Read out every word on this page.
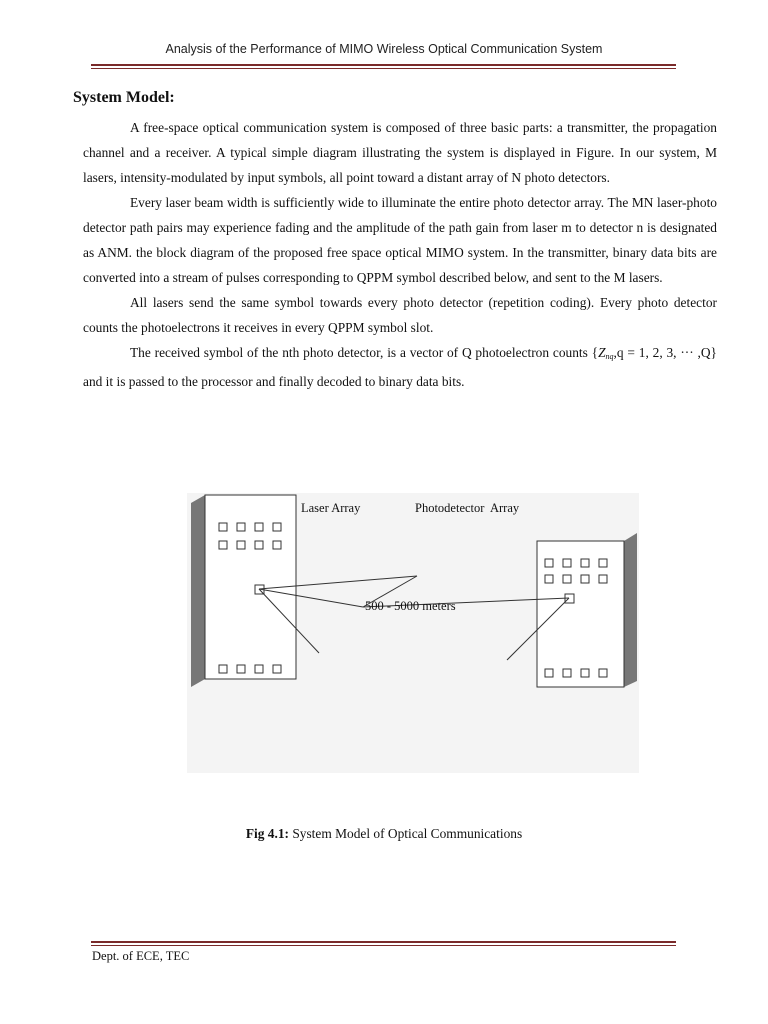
Analysis of the Performance of MIMO Wireless Optical Communication System
System Model:

A free-space optical communication system is composed of three basic parts: a transmitter, the propagation channel and a receiver. A typical simple diagram illustrating the system is displayed in Figure. In our system, M lasers, intensity-modulated by input symbols, all point toward a distant array of N photo detectors.

Every laser beam width is sufficiently wide to illuminate the entire photo detector array. The MN laser-photo detector path pairs may experience fading and the amplitude of the path gain from laser m to detector n is designated as ANM. the block diagram of the proposed free space optical MIMO system. In the transmitter, binary data bits are converted into a stream of pulses corresponding to QPPM symbol described below, and sent to the M lasers.

All lasers send the same symbol towards every photo detector (repetition coding). Every photo detector counts the photoelectrons it receives in every QPPM symbol slot.

The received symbol of the nth photo detector, is a vector of Q photoelectron counts {$Z_{nq},q = 1$, 2, 3, ··· ,Q} and it is passed to the processor and finally decoded to binary data bits.

Laser Array	Photodetector  Array
500 - 5000 meters
Fig 4.1: System Model of Optical Communications
Dept. of ECE, TEC
